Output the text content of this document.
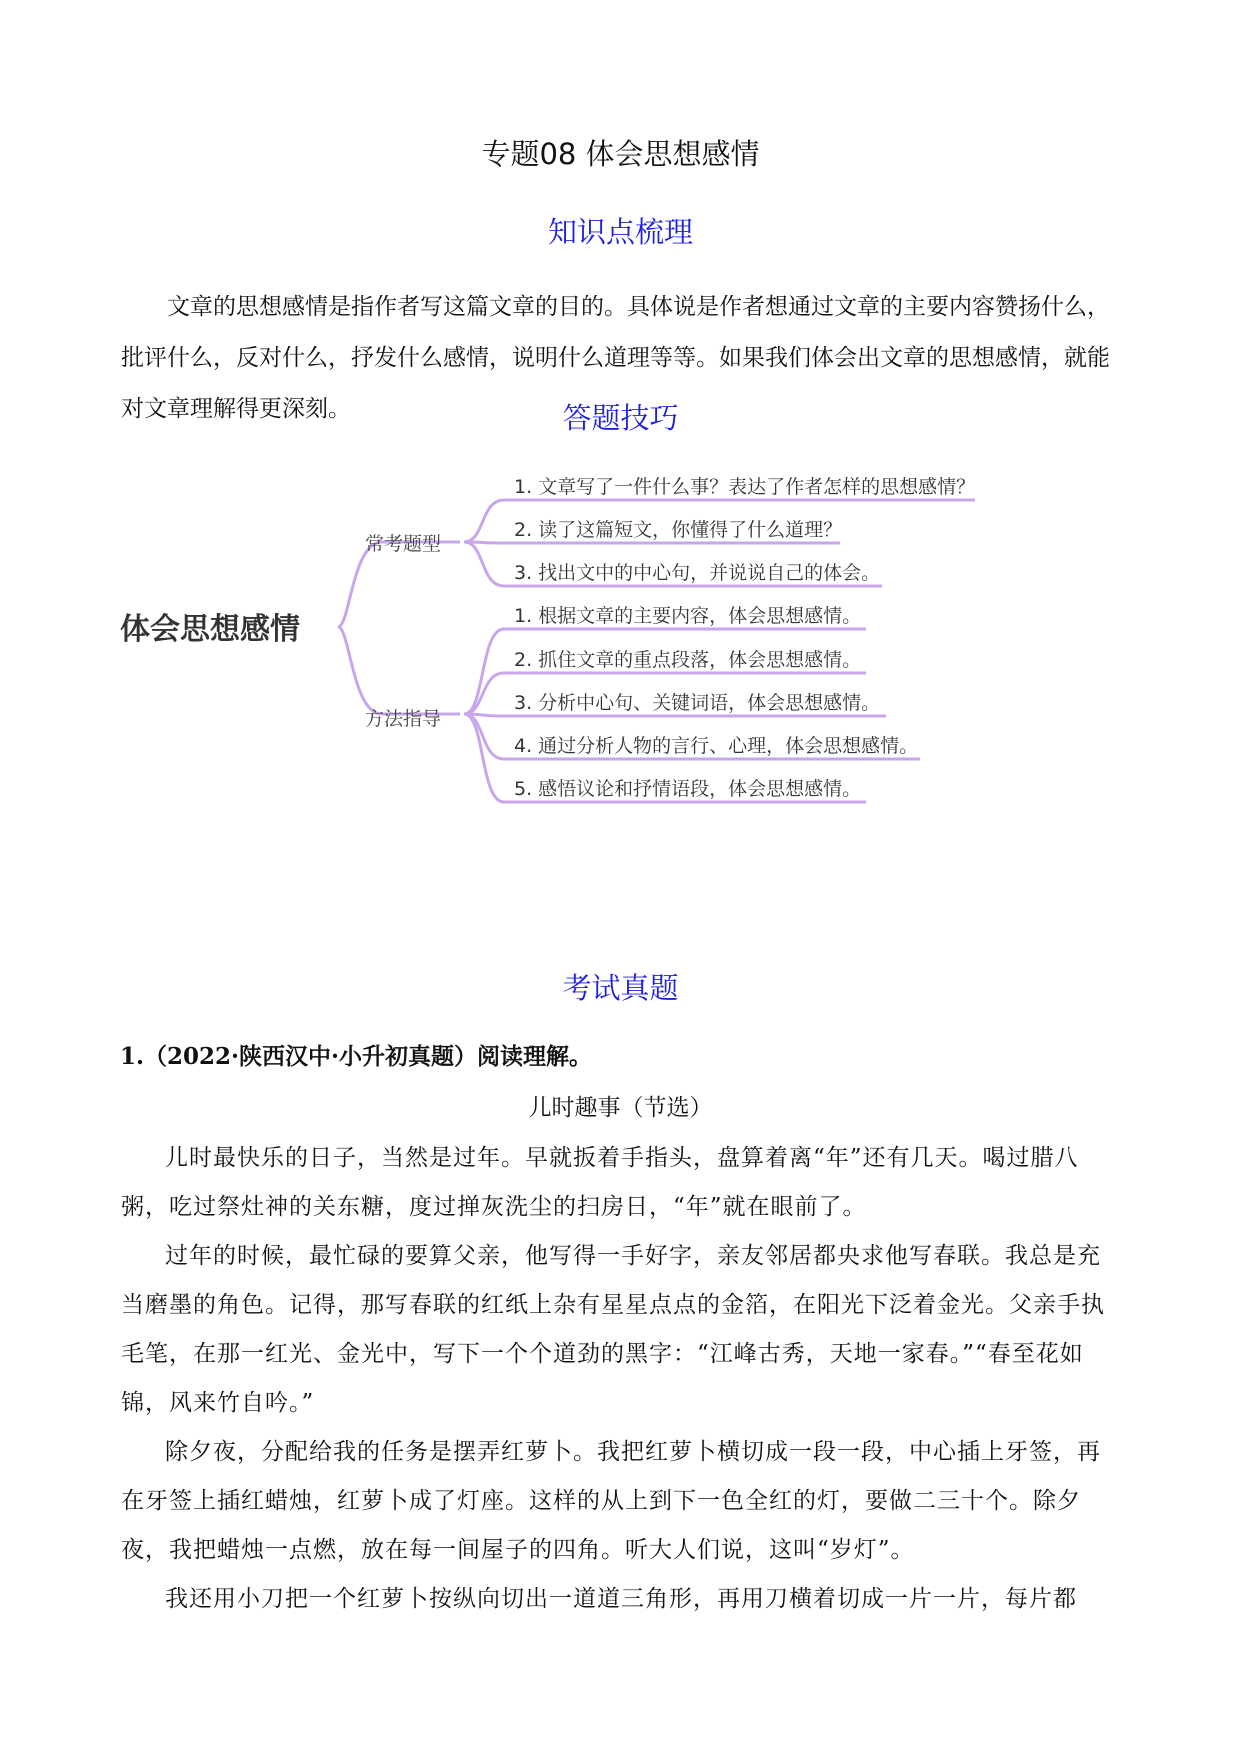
专题08 体会思想感情
知识点梳理

文章的思想感情是指作者写这篇文章的目的。具体说是作者想通过文章的主要内容赞扬什么，批评什么，反对什么，抒发什么感情，说明什么道理等等。如果我们体会出文章的思想感情，就能对文章理解得更深刻。	答题技巧
体会思想感情
常考题型
方法指导
1. 文章写了一件什么事？表达了作者怎样的思想感情？
2. 读了这篇短文，你懂得了什么道理？
3. 找出文中的中心句，并说说自己的体会。
1. 根据文章的主要内容，体会思想感情。
2. 抓住文章的重点段落，体会思想感情。
3. 分析中心句、关键词语，体会思想感情。
4. 通过分析人物的言行、心理，体会思想感情。
5. 感悟议论和抒情语段，体会思想感情。
考试真题
1.（2022·陕西汉中·小升初真题）阅读理解。
儿时趣事（节选）

儿时最快乐的日子，当然是过年。早就扳着手指头，盘算着离“年”还有几天。喝过腊八粥，吃过祭灶神的关东糖，度过掸灰洗尘的扫房日，“年”就在眼前了。

过年的时候，最忙碌的要算父亲，他写得一手好字，亲友邻居都央求他写春联。我总是充当磨墨的角色。记得，那写春联的红纸上杂有星星点点的金箔，在阳光下泛着金光。父亲手执毛笔，在那一红光、金光中，写下一个个道劲的黑字：“江峰古秀，天地一家春。”“春至花如锦，风来竹自吟。”

除夕夜，分配给我的任务是摆弄红萝卜。我把红萝卜横切成一段一段，中心插上牙签，再在牙签上插红蜡烛，红萝卜成了灯座。这样的从上到下一色全红的灯，要做二三十个。除夕夜，我把蜡烛一点燃，放在每一间屋子的四角。听大人们说，这叫“岁灯”。

我还用小刀把一个红萝卜按纵向切出一道道三角形，再用刀横着切成一片一片，每片都
